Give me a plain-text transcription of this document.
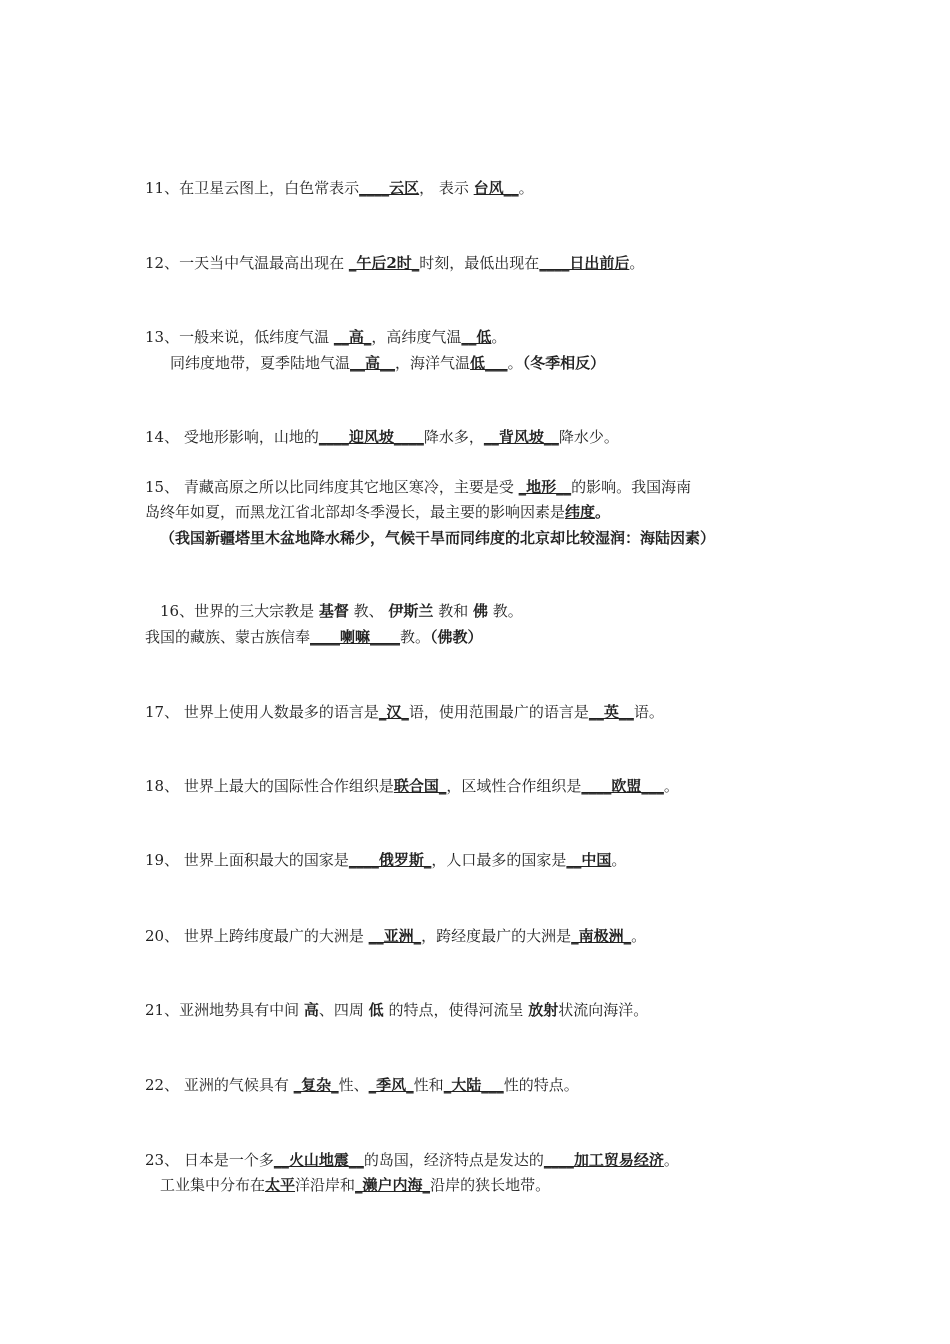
11、在卫星云图上，白色常表示____云区， 表示 台风__。
12、一天当中气温最高出现在 _午后2时_时刻，最低出现在____日出前后。
13、一般来说，低纬度气温 __高_，高纬度气温__低。
同纬度地带，夏季陆地气温__高__，海洋气温低___。（冬季相反）
14、 受地形影响，山地的____迎风坡____降水多，__背风坡__降水少。
15、 青藏高原之所以比同纬度其它地区寒冷，主要是受 _地形__的影响。我国海南
岛终年如夏，而黑龙江省北部却冬季漫长，最主要的影响因素是纬度。
（我国新疆塔里木盆地降水稀少，气候干旱而同纬度的北京却比较湿润：海陆因素）
16、世界的三大宗教是 基督 教、 伊斯兰 教和 佛 教。
我国的藏族、蒙古族信奉____喇嘛____教。（佛教）
17、 世界上使用人数最多的语言是_汉_语，使用范围最广的语言是__英__语。
18、 世界上最大的国际性合作组织是联合国_，区域性合作组织是____欧盟___。
19、 世界上面积最大的国家是____俄罗斯_，人口最多的国家是__中国。
20、 世界上跨纬度最广的大洲是 __亚洲_，跨经度最广的大洲是_南极洲_。
21、亚洲地势具有中间 高、四周 低 的特点，使得河流呈 放射状流向海洋。
22、 亚洲的气候具有 _复杂_性、_季风_性和_大陆___性的特点。
23、 日本是一个多__火山地震__的岛国，经济特点是发达的____加工贸易经济。
工业集中分布在太平洋沿岸和_濑户内海_沿岸的狭长地带。
